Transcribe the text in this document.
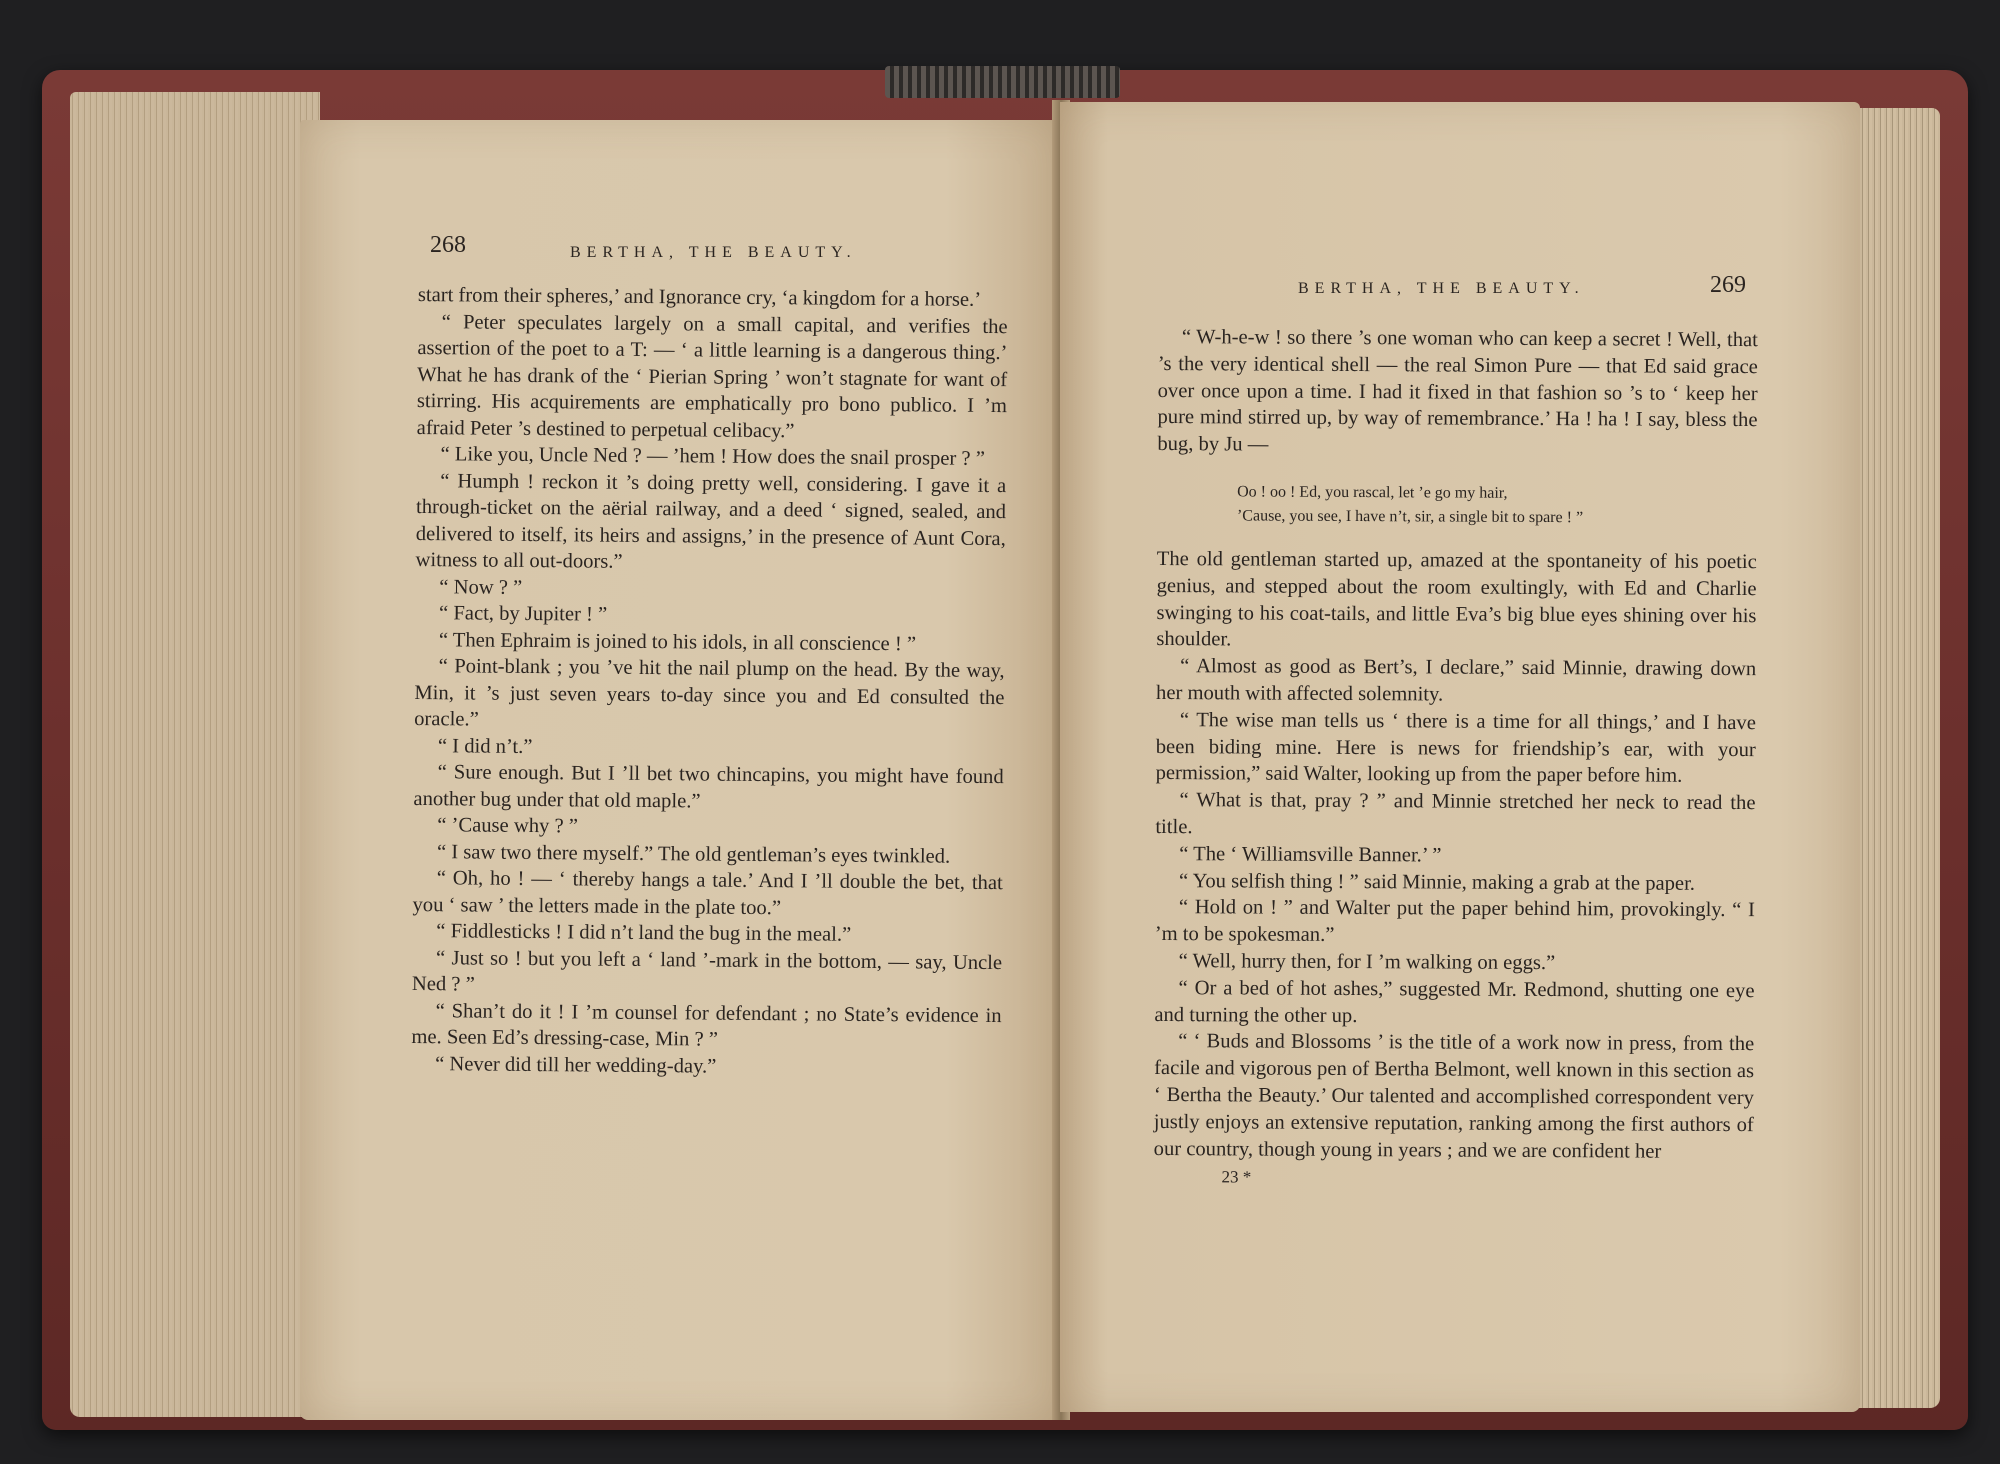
268	BERTHA, THE BEAUTY.

start from their spheres,’ and Ignorance cry, ‘a kingdom for a horse.’

“ Peter speculates largely on a small capital, and verifies the assertion of the poet to a T: — ‘ a little learning is a dangerous thing.’ What he has drank of the ‘ Pierian Spring ’ won’t stagnate for want of stirring. His acquirements are emphatically pro bono publico. I ’m afraid Peter ’s destined to perpetual celibacy.”

“ Like you, Uncle Ned ? — ’hem ! How does the snail prosper ? ”

“ Humph ! reckon it ’s doing pretty well, considering. I gave it a through-ticket on the aërial railway, and a deed ‘ signed, sealed, and delivered to itself, its heirs and assigns,’ in the presence of Aunt Cora, witness to all out-doors.”

“ Now ? ”

“ Fact, by Jupiter ! ”

“ Then Ephraim is joined to his idols, in all conscience ! ”

“ Point-blank ; you ’ve hit the nail plump on the head. By the way, Min, it ’s just seven years to-day since you and Ed consulted the oracle.”

“ I did n’t.”

“ Sure enough. But I ’ll bet two chincapins, you might have found another bug under that old maple.”

“ ’Cause why ? ”

“ I saw two there myself.” The old gentleman’s eyes twinkled.

“ Oh, ho ! — ‘ thereby hangs a tale.’ And I ’ll double the bet, that you ‘ saw ’ the letters made in the plate too.”

“ Fiddlesticks ! I did n’t land the bug in the meal.”

“ Just so ! but you left a ‘ land ’-mark in the bottom, — say, Uncle Ned ? ”

“ Shan’t do it ! I ’m counsel for defendant ; no State’s evidence in me. Seen Ed’s dressing-case, Min ? ”

“ Never did till her wedding-day.”

BERTHA, THE BEAUTY.	269

“ W-h-e-w ! so there ’s one woman who can keep a secret ! Well, that ’s the very identical shell — the real Simon Pure — that Ed said grace over once upon a time. I had it fixed in that fashion so ’s to ‘ keep her pure mind stirred up, by way of remembrance.’ Ha ! ha ! I say, bless the bug, by Ju —

Oo ! oo ! Ed, you rascal, let ’e go my hair,
’Cause, you see, I have n’t, sir, a single bit to spare ! ”

The old gentleman started up, amazed at the spontaneity of his poetic genius, and stepped about the room exultingly, with Ed and Charlie swinging to his coat-tails, and little Eva’s big blue eyes shining over his shoulder.

“ Almost as good as Bert’s, I declare,” said Minnie, drawing down her mouth with affected solemnity.

“ The wise man tells us ‘ there is a time for all things,’ and I have been biding mine. Here is news for friendship’s ear, with your permission,” said Walter, looking up from the paper before him.

“ What is that, pray ? ” and Minnie stretched her neck to read the title.

“ The ‘ Williamsville Banner.’ ”

“ You selfish thing ! ” said Minnie, making a grab at the paper.

“ Hold on ! ” and Walter put the paper behind him, provokingly. “ I ’m to be spokesman.”

“ Well, hurry then, for I ’m walking on eggs.”

“ Or a bed of hot ashes,” suggested Mr. Redmond, shutting one eye and turning the other up.

“ ‘ Buds and Blossoms ’ is the title of a work now in press, from the facile and vigorous pen of Bertha Belmont, well known in this section as ‘ Bertha the Beauty.’ Our talented and accomplished correspondent very justly enjoys an extensive reputation, ranking among the first authors of our country, though young in years ; and we are confident her

23 *
